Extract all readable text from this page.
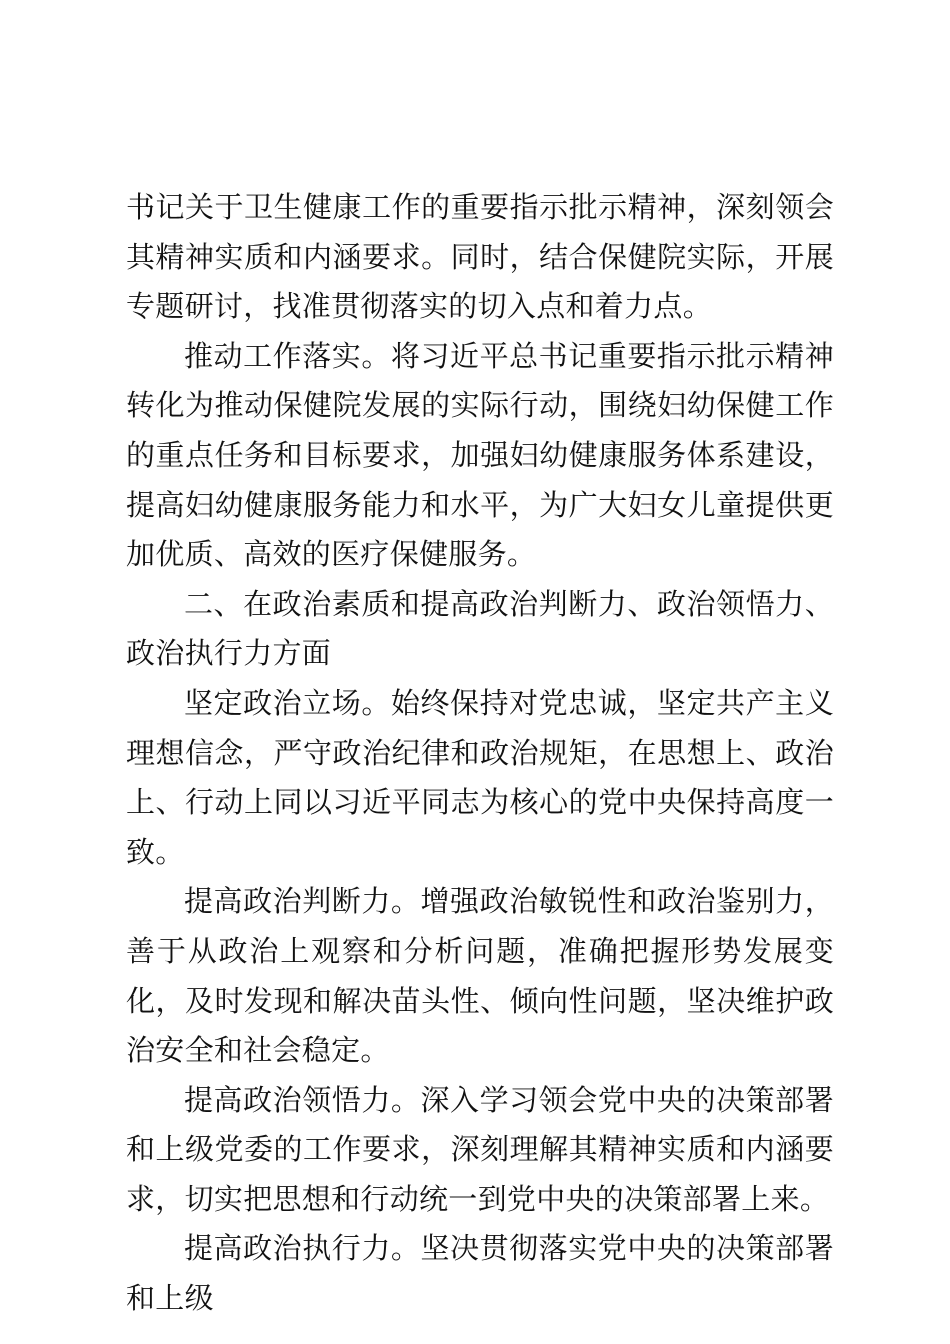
书记关于卫生健康工作的重要指示批示精神，深刻领会其精神实质和内涵要求。同时，结合保健院实际，开展专题研讨，找准贯彻落实的切入点和着力点。

推动工作落实。将习近平总书记重要指示批示精神转化为推动保健院发展的实际行动，围绕妇幼保健工作的重点任务和目标要求，加强妇幼健康服务体系建设，提高妇幼健康服务能力和水平，为广大妇女儿童提供更加优质、高效的医疗保健服务。

二、在政治素质和提高政治判断力、政治领悟力、政治执行力方面

坚定政治立场。始终保持对党忠诚，坚定共产主义理想信念，严守政治纪律和政治规矩，在思想上、政治上、行动上同以习近平同志为核心的党中央保持高度一致。

提高政治判断力。增强政治敏锐性和政治鉴别力，善于从政治上观察和分析问题，准确把握形势发展变化，及时发现和解决苗头性、倾向性问题，坚决维护政治安全和社会稳定。

提高政治领悟力。深入学习领会党中央的决策部署和上级党委的工作要求，深刻理解其精神实质和内涵要求，切实把思想和行动统一到党中央的决策部署上来。

提高政治执行力。坚决贯彻落实党中央的决策部署和上级
